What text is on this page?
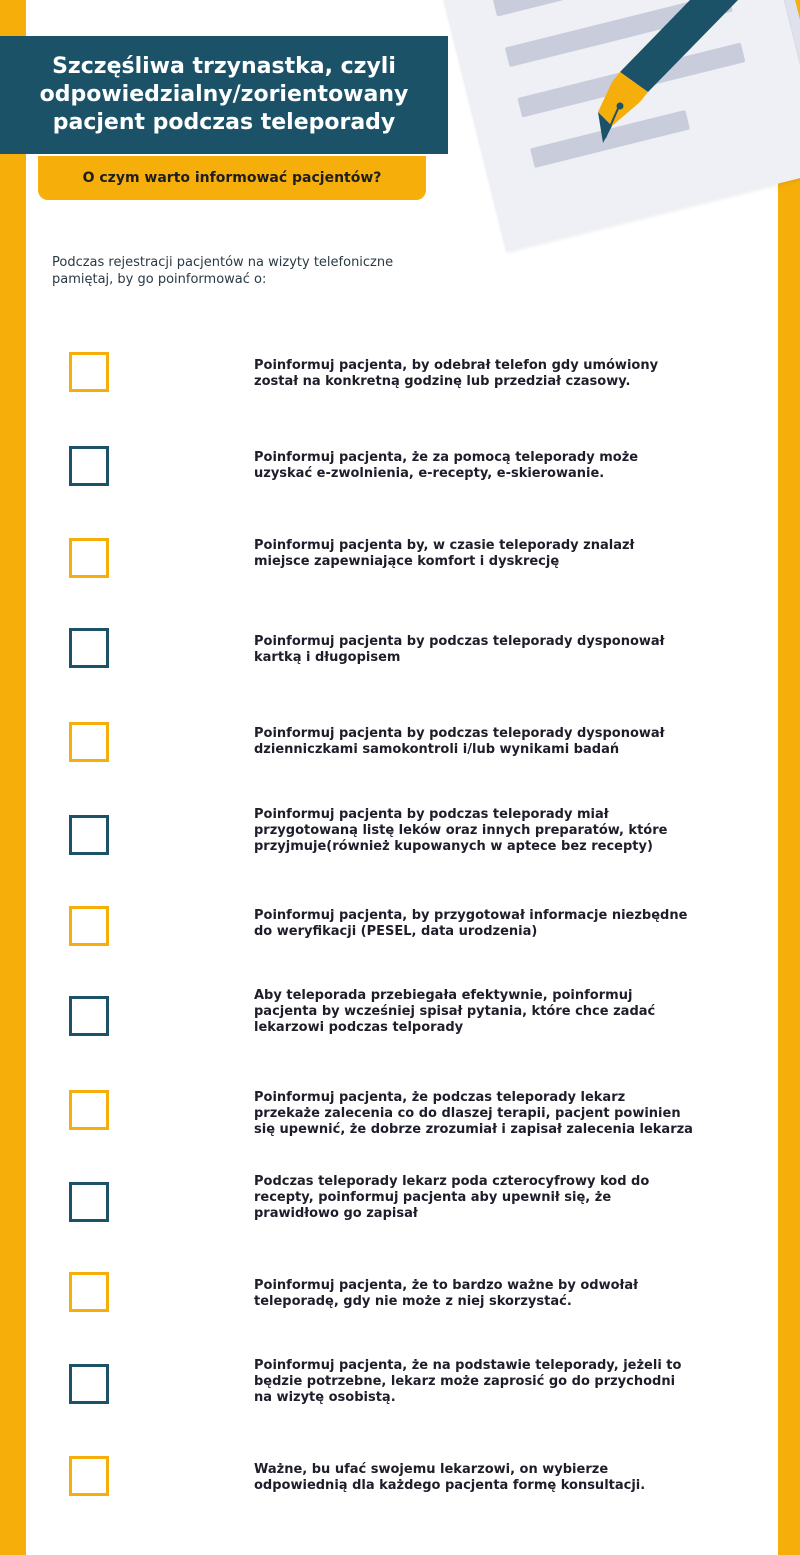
Szczęśliwa trzynastka, czyli
odpowiedzialny/zorientowany
pacjent podczas teleporady
O czym warto informować pacjentów?
Podczas rejestracji pacjentów na wizyty telefoniczne
pamiętaj, by go poinformować o:
Poinformuj pacjenta, by odebrał telefon gdy umówiony
został na konkretną godzinę lub przedział czasowy.
Poinformuj pacjenta, że za pomocą teleporady może
uzyskać e-zwolnienia, e-recepty, e-skierowanie.
Poinformuj pacjenta by, w czasie teleporady znalazł
miejsce zapewniające komfort i dyskrecję
Poinformuj pacjenta by podczas teleporady dysponował
kartką i długopisem
Poinformuj pacjenta by podczas teleporady dysponował
dzienniczkami samokontroli i/lub wynikami badań
Poinformuj pacjenta by podczas teleporady miał
przygotowaną listę leków oraz innych preparatów, które
przyjmuje(również kupowanych w aptece bez recepty)
Poinformuj pacjenta, by przygotował informacje niezbędne
do weryfikacji (PESEL, data urodzenia)
Aby teleporada przebiegała efektywnie, poinformuj
pacjenta by wcześniej spisał pytania, które chce zadać
lekarzowi podczas telporady
Poinformuj pacjenta, że podczas teleporady lekarz
przekaże zalecenia co do dlaszej terapii, pacjent powinien
się upewnić, że dobrze zrozumiał i zapisał zalecenia lekarza
Podczas teleporady lekarz poda czterocyfrowy kod do
recepty, poinformuj pacjenta aby upewnił się, że
prawidłowo go zapisał
Poinformuj pacjenta, że to bardzo ważne by odwołał
teleporadę, gdy nie może z niej skorzystać.
Poinformuj pacjenta, że na podstawie teleporady, jeżeli to
będzie potrzebne, lekarz może zaprosić go do przychodni
na wizytę osobistą.
Ważne, bu ufać swojemu lekarzowi, on wybierze
odpowiednią dla każdego pacjenta formę konsultacji.
